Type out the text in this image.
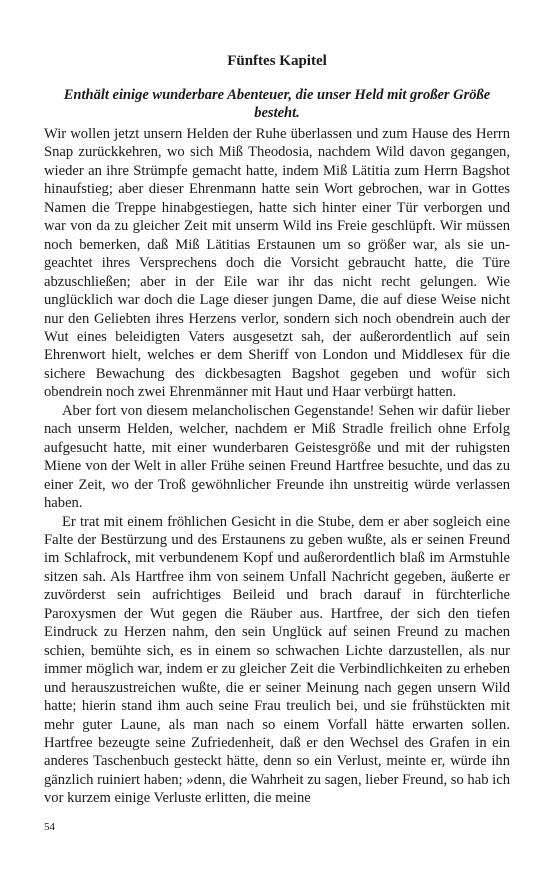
Fünftes Kapitel
Enthält einige wunderbare Abenteuer, die unser Held mit großer Größe besteht.

Wir wollen jetzt unsern Helden der Ruhe überlassen und zum Hause des Herrn Snap zurückkehren, wo sich Miß Theodosia, nachdem Wild davon gegangen, wieder an ihre Strümpfe gemacht hatte, indem Miß Lätitia zum Herrn Bagshot hinaufstieg; aber dieser Ehrenmann hatte sein Wort gebrochen, war in Gottes Namen die Treppe hinabgestiegen, hatte sich hinter einer Tür verborgen und war von da zu gleicher Zeit mit unserm Wild ins Freie geschlüpft. Wir müssen noch bemerken, daß Miß Lätitias Erstaunen um so größer war, als sie ungeachtet ihres Versprechens doch die Vorsicht gebraucht hatte, die Türe abzuschließen; aber in der Eile war ihr das nicht recht gelungen. Wie unglücklich war doch die Lage dieser jungen Dame, die auf diese Weise nicht nur den Geliebten ihres Herzens verlor, sondern sich noch obendrein auch der Wut eines beleidigten Vaters ausgesetzt sah, der außerordentlich auf sein Ehrenwort hielt, welches er dem Sheriff von London und Middlesex für die sichere Bewachung des dickbesagten Bagshot gegeben und wofür sich obendrein noch zwei Ehrenmänner mit Haut und Haar verbürgt hatten.

Aber fort von diesem melancholischen Gegenstande! Sehen wir dafür lieber nach unserm Helden, welcher, nachdem er Miß Stradle freilich ohne Erfolg aufgesucht hatte, mit einer wunderbaren Geistesgröße und mit der ruhigsten Miene von der Welt in aller Frühe seinen Freund Hartfree besuchte, und das zu einer Zeit, wo der Troß gewöhnlicher Freunde ihn unstreitig würde verlassen haben.

Er trat mit einem fröhlichen Gesicht in die Stube, dem er aber sogleich eine Falte der Bestürzung und des Erstaunens zu geben wußte, als er seinen Freund im Schlafrock, mit verbundenem Kopf und außerordentlich blaß im Armstuhle sitzen sah. Als Hartfree ihm von seinem Unfall Nachricht gegeben, äußerte er zuvörderst sein aufrichtiges Beileid und brach darauf in fürchterliche Paroxysmen der Wut gegen die Räuber aus. Hartfree, der sich den tiefen Eindruck zu Herzen nahm, den sein Unglück auf seinen Freund zu machen schien, bemühte sich, es in einem so schwachen Lichte darzustellen, als nur immer möglich war, indem er zu gleicher Zeit die Verbindlichkeiten zu erheben und herauszustreichen wußte, die er seiner Meinung nach gegen unsern Wild hatte; hierin stand ihm auch seine Frau treulich bei, und sie frühstückten mit mehr guter Laune, als man nach so einem Vorfall hätte erwarten sollen. Hartfree bezeugte seine Zufriedenheit, daß er den Wechsel des Grafen in ein anderes Taschenbuch gesteckt hätte, denn so ein Verlust, meinte er, würde ihn gänzlich ruiniert haben; »denn, die Wahrheit zu sagen, lieber Freund, so hab ich vor kurzem einige Verluste erlitten, die meine

54
